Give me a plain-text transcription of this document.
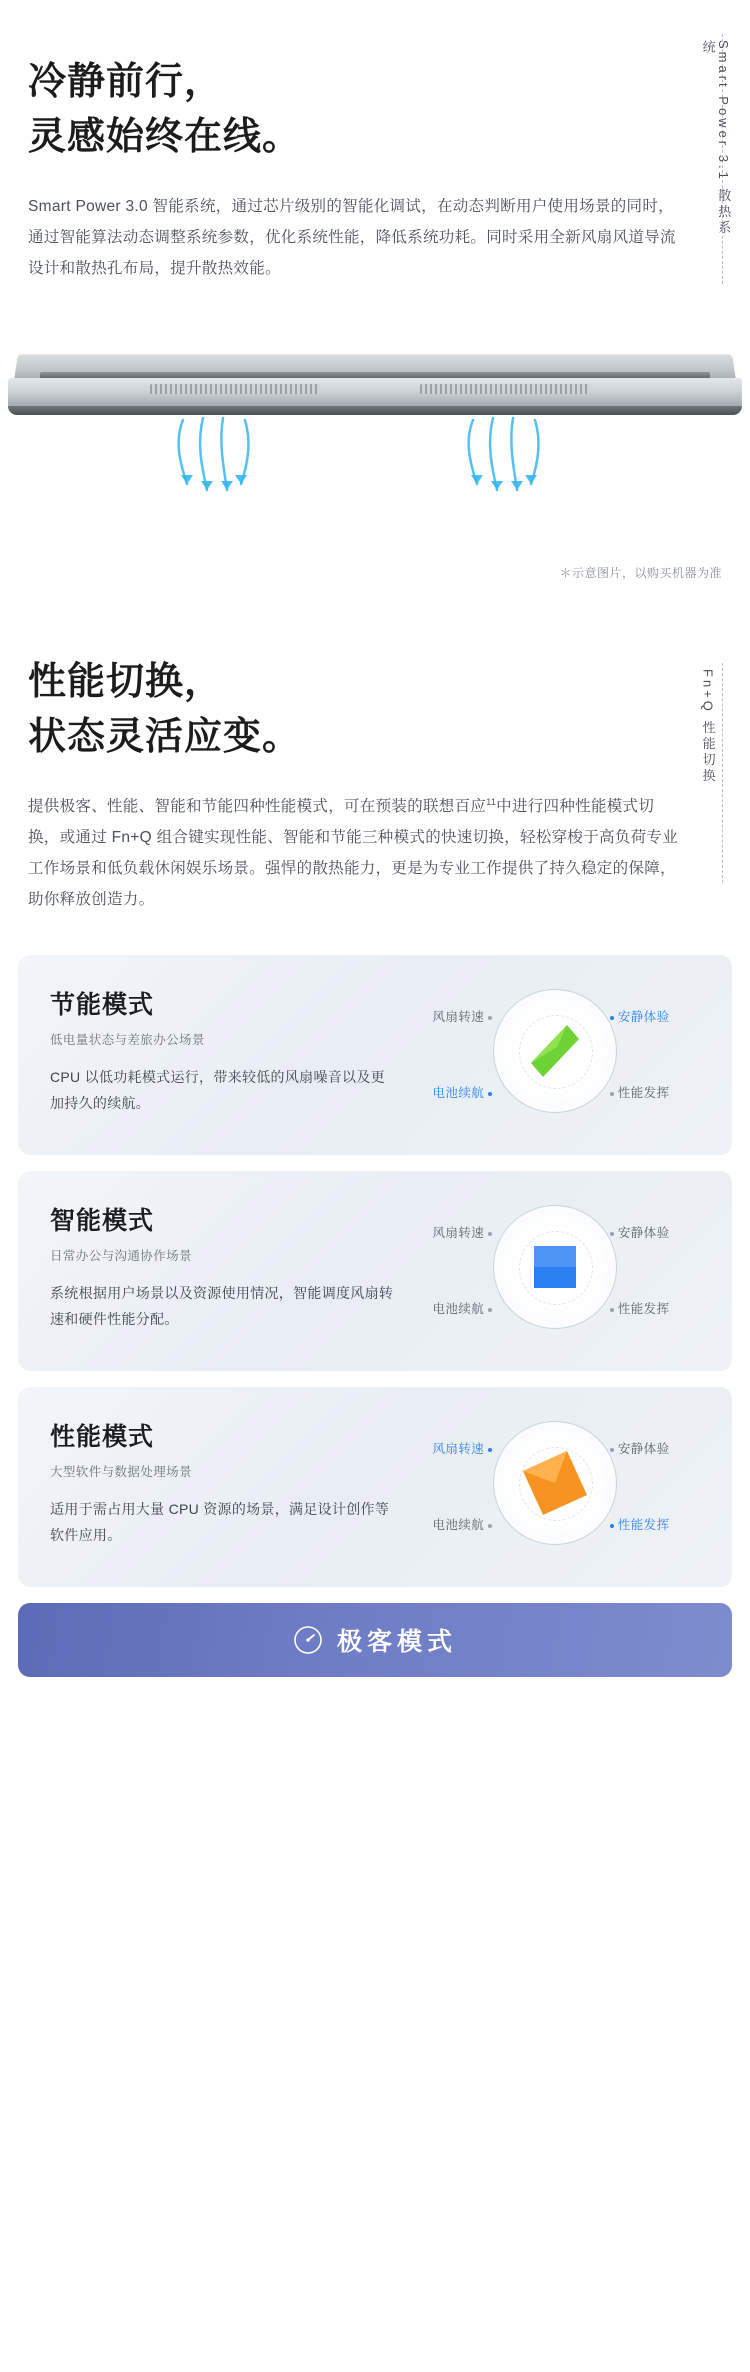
Smart Power 3.1 散热系统
冷静前行，
灵感始终在线。
Smart Power 3.0 智能系统，通过芯片级别的智能化调试，在动态判断用户使用场景的同时，通过智能算法动态调整系统参数，优化系统性能，降低系统功耗。同时采用全新风扇风道导流设计和散热孔布局，提升散热效能。
＊示意图片，以购买机器为准
Fn+Q 性能切换
性能切换，
状态灵活应变。
提供极客、性能、智能和节能四种性能模式，可在预装的联想百应$^{11}$中进行四种性能模式切换，或通过 Fn+Q 组合键实现性能、智能和节能三种模式的快速切换，轻松穿梭于高负荷专业工作场景和低负载休闲娱乐场景。强悍的散热能力，更是为专业工作提供了持久稳定的保障，助你释放创造力。
节能模式
低电量状态与差旅办公场景
CPU 以低功耗模式运行，带来较低的风扇噪音以及更加持久的续航。
风扇转速	安静体验
电池续航	性能发挥
智能模式
日常办公与沟通协作场景
系统根据用户场景以及资源使用情况，智能调度风扇转速和硬件性能分配。
风扇转速	安静体验
电池续航	性能发挥
性能模式
大型软件与数据处理场景
适用于需占用大量 CPU 资源的场景，满足设计创作等软件应用。
风扇转速	安静体验
电池续航	性能发挥
极客模式
